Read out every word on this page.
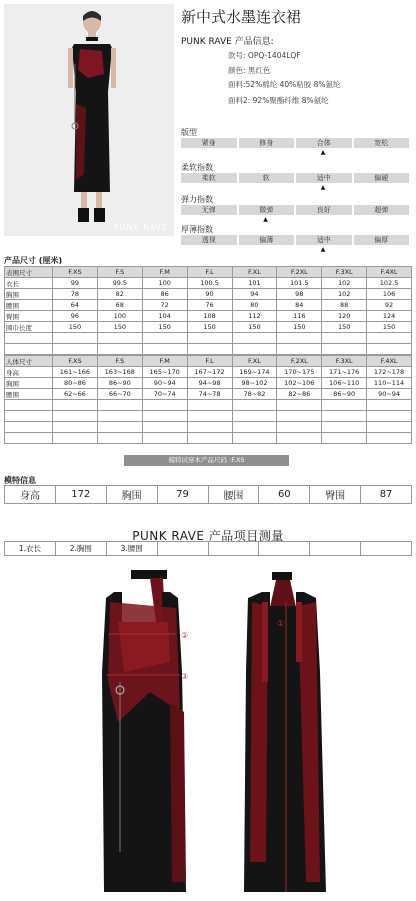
PUNK RAVE
新中式水墨连衣裙
PUNK RAVE 产品信息:
款号: OPQ-1404LQF
颜色: 黑红色
面料:52%棉纶 40%粘胶 8%氨纶
面料2: 92%聚酯纤维 8%氨纶
版型
紧身	修身	合体	宽松
▲
柔软指数
柔软	软	适中	偏硬
▲
弹力指数
无弹	微弹	良好	超弹
▲
厚薄指数
透视	偏薄	适中	偏厚
▲
产品尺寸 (厘米)
表围尺寸	F.XS	F.S	F.M	F.L	F.XL	F.2XL	F.3XL	F.4XL
衣长	99	99.5	100	100.5	101	101.5	102	102.5
胸围	78	82	86	90	94	98	102	106
腰围	64	68	72	76	80	84	88	92
臀围	96	100	104	108	112	116	120	124
围巾长度	150	150	150	150	150	150	150	150

人体尺寸	F.XS	F.S	F.M	F.L	F.XL	F.2XL	F.3XL	F.4XL
身高	161~166	163~168	165~170	167~172	169~174	170~175	171~176	172~178
胸围	80~86	86~90	90~94	94~98	98~102	102~106	106~110	110~114
腰围	62~66	66~70	70~74	74~78	78~82	82~86	86~90	90~94

模特试穿本产品尺码 :F.XS
模特信息
身高	172	胸围	79	腰围	60	臀围	87
PUNK RAVE 产品项目测量
1.衣长	2.胸围	3.腰围					
②
③
①
